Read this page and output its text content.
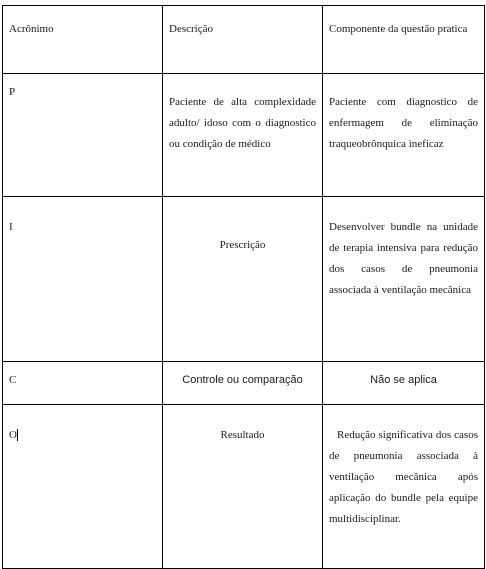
Acrônimo	Descrição	Componente da questão pratica
P	Paciente de alta complexidade adulto/ idoso com o diagnostico ou condição de médico	Paciente com diagnostico de enfermagem de eliminação traqueobrônquica ineficaz
I	Prescrição	Desenvolver bundle na unidade de terapia intensiva para redução dos casos de pneumonia associada à ventilação mecânica
C	Controle ou comparação	Não se aplica
O	Resultado	Redução significativa dos casos de pneumonia associada à ventilação mecânica após aplicação do bundle pela equipe multidisciplinar.
